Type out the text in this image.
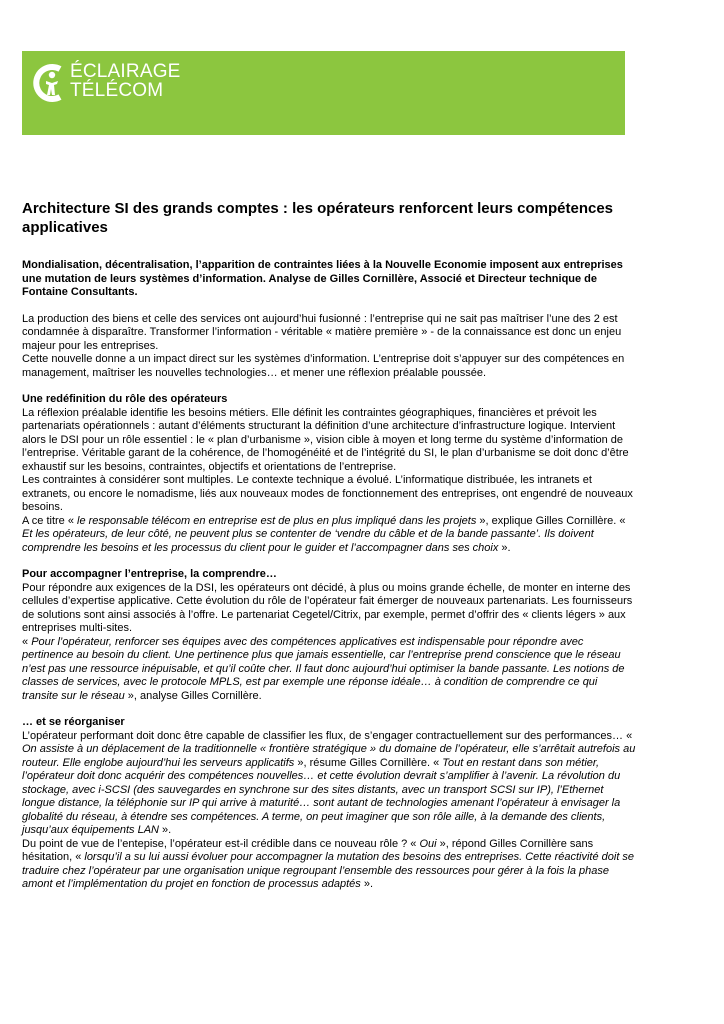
ÉCLAIRAGE
TÉLÉCOM
Architecture SI des grands comptes : les opérateurs renforcent leurs compétences applicatives

Mondialisation, décentralisation, l’apparition de contraintes liées à la Nouvelle Economie imposent aux entreprises une mutation de leurs systèmes d’information. Analyse de Gilles Cornillère, Associé et Directeur technique de Fontaine Consultants.

La production des biens et celle des services ont aujourd’hui fusionné : l’entreprise qui ne sait pas maîtriser l’une des 2 est condamnée à disparaître. Transformer l’information - véritable « matière première » - de la connaissance est donc un enjeu majeur pour les entreprises.

Cette nouvelle donne a un impact direct sur les systèmes d’information. L’entreprise doit s’appuyer sur des compétences en management, maîtriser les nouvelles technologies… et mener une réflexion préalable poussée.

Une redéfinition du rôle des opérateurs

La réflexion préalable identifie les besoins métiers. Elle définit les contraintes géographiques, financières et prévoit les partenariats opérationnels : autant d’éléments structurant la définition d’une architecture d’infrastructure logique. Intervient alors le DSI pour un rôle essentiel : le « plan d’urbanisme », vision cible à moyen et long terme du système d’information de l’entreprise. Véritable garant de la cohérence, de l’homogénéité et de l’intégrité du SI, le plan d’urbanisme se doit donc d’être exhaustif sur les besoins, contraintes, objectifs et orientations de l’entreprise.

Les contraintes à considérer sont multiples. Le contexte technique a évolué. L’informatique distribuée, les intranets et extranets, ou encore le nomadisme, liés aux nouveaux modes de fonctionnement des entreprises, ont engendré de nouveaux besoins.

A ce titre « le responsable télécom en entreprise est de plus en plus impliqué dans les projets », explique Gilles Cornillère. « Et les opérateurs, de leur côté, ne peuvent plus se contenter de ‘vendre du câble et de la bande passante’. Ils doivent comprendre les besoins et les processus du client pour le guider et l’accompagner dans ses choix ».

Pour accompagner l’entreprise, la comprendre…

Pour répondre aux exigences de la DSI, les opérateurs ont décidé, à plus ou moins grande échelle, de monter en interne des cellules d’expertise applicative. Cette évolution du rôle de l’opérateur fait émerger de nouveaux partenariats. Les fournisseurs de solutions sont ainsi associés à l’offre. Le partenariat Cegetel/Citrix, par exemple, permet d’offrir des « clients légers » aux entreprises multi-sites.

« Pour l’opérateur, renforcer ses équipes avec des compétences applicatives est indispensable pour répondre avec pertinence au besoin du client. Une pertinence plus que jamais essentielle, car l’entreprise prend conscience que le réseau n’est pas une ressource inépuisable, et qu’il coûte cher. Il faut donc aujourd’hui optimiser la bande passante. Les notions de classes de services, avec le protocole MPLS, est par exemple une réponse idéale… à condition de comprendre ce qui transite sur le réseau », analyse Gilles Cornillère.

… et se réorganiser

L’opérateur performant doit donc être capable de classifier les flux, de s’engager contractuellement sur des performances… « On assiste à un déplacement de la traditionnelle « frontière stratégique » du domaine de l’opérateur, elle s’arrêtait autrefois au routeur. Elle englobe aujourd’hui les serveurs applicatifs », résume Gilles Cornillère. « Tout en restant dans son métier, l’opérateur doit donc acquérir des compétences nouvelles… et cette évolution devrait s’amplifier à l’avenir. La révolution du stockage, avec i-SCSI (des sauvegardes en synchrone sur des sites distants, avec un transport SCSI sur IP), l’Ethernet longue distance, la téléphonie sur IP qui arrive à maturité… sont autant de technologies amenant l’opérateur à envisager la globalité du réseau, à étendre ses compétences. A terme, on peut imaginer que son rôle aille, à la demande des clients, jusqu’aux équipements LAN ».

Du point de vue de l’entepise, l’opérateur est-il crédible dans ce nouveau rôle ? « Oui », répond Gilles Cornillère sans hésitation, « lorsqu’il a su lui aussi évoluer pour accompagner la mutation des besoins des entreprises. Cette réactivité doit se traduire chez l’opérateur par une organisation unique regroupant l’ensemble des ressources pour gérer à la fois la phase amont et l’implémentation du projet en fonction de processus adaptés ».
